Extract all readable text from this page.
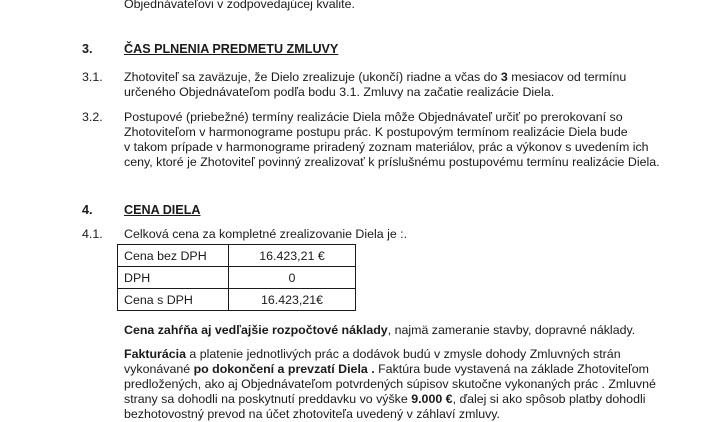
Objednávateľovi v zodpovedajúcej kvalite.
3. ČAS PLNENIA PREDMETU ZMLUVY
3.1. Zhotoviteľ sa zaväzuje, že Dielo zrealizuje (ukončí) riadne a včas do 3 mesiacov od termínu
určeného Objednávateľom podľa bodu 3.1. Zmluvy na začatie realizácie Diela.
3.2. Postupové (priebežné) termíny realizácie Diela môže Objednávateľ určiť po prerokovaní so
Zhotoviteľom v harmonograme postupu prác. K postupovým termínom realizácie Diela bude
v takom prípade v harmonograme priradený zoznam materiálov, prác a výkonov s uvedením ich
ceny, ktoré je Zhotoviteľ povinný zrealizovať k príslušnému postupovému termínu realizácie Diela.
4. CENA DIELA
4.1. Celková cena za kompletné zrealizovanie Diela je :.
Cena bez DPH	16.423,21 €
DPH	0
Cena s DPH	16.423,21€
Cena zahŕňa aj vedľajšie rozpočtové náklady, najmä zameranie stavby, dopravné náklady.
Fakturácia a platenie jednotlivých prác a dodávok budú v zmysle dohody Zmluvných strán
vykonávané po dokončení a prevzatí Diela . Faktúra bude vystavená na základe Zhotoviteľom
predložených, ako aj Objednávateľom potvrdených súpisov skutočne vykonaných prác . Zmluvné
strany sa dohodli na poskytnutí preddavku vo výške 9.000 €, ďalej si ako spôsob platby dohodli
bezhotovostný prevod na účet zhotoviteľa uvedený v záhlaví zmluvy.
